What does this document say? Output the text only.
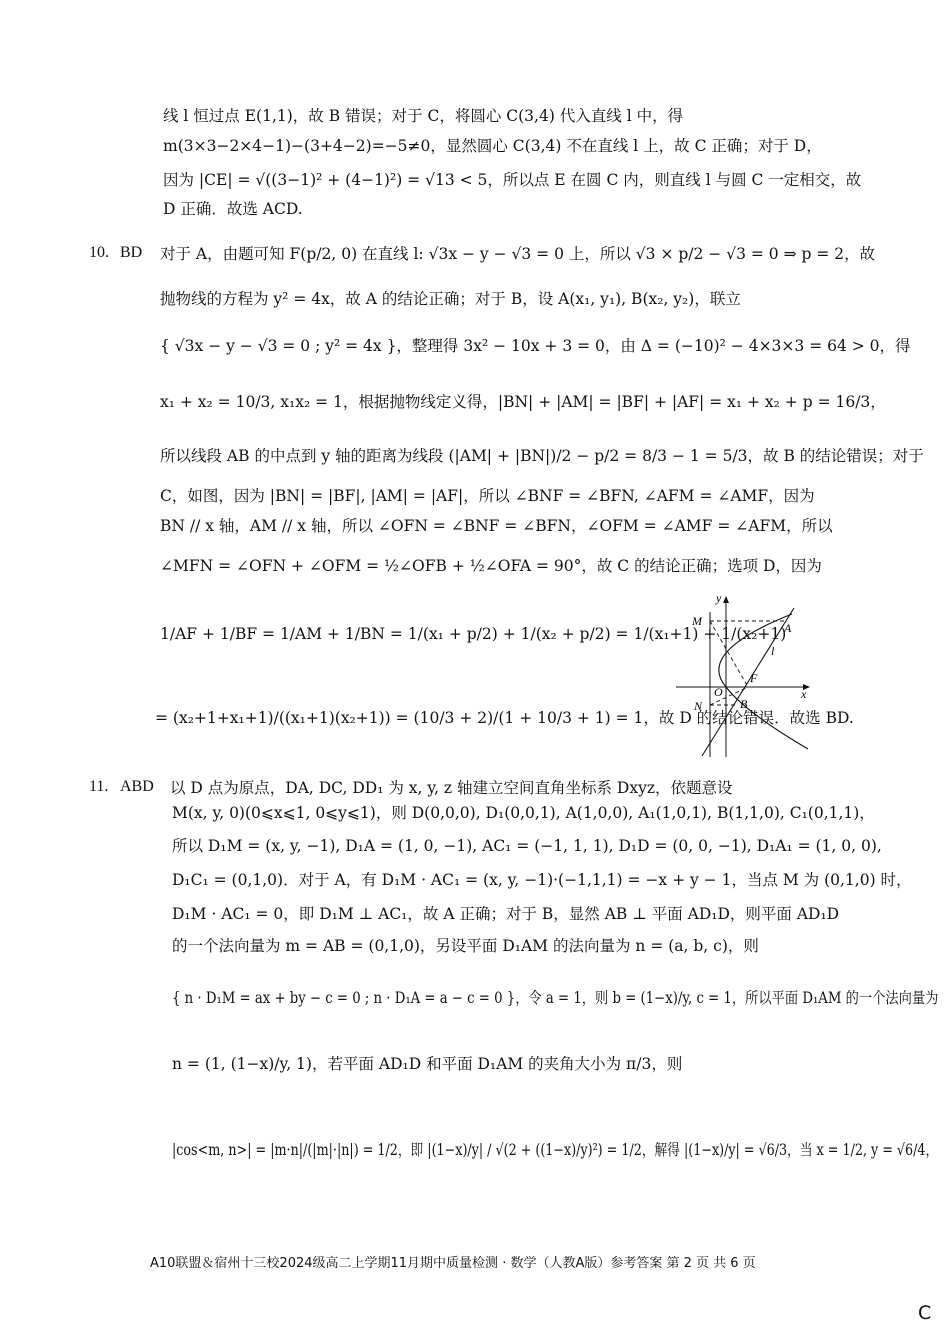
线 l 恒过点 E(1,1)，故 B 错误；对于 C，将圆心 C(3,4) 代入直线 l 中，得
m(3×3−2×4−1)−(3+4−2)=−5≠0，显然圆心 C(3,4) 不在直线 l 上，故 C 正确；对于 D，
因为 |CE| = √((3−1)² + (4−1)²) = √13 < 5，所以点 E 在圆 C 内，则直线 l 与圆 C 一定相交，故
D 正确．故选 ACD.
10. BD 对于 A，由题可知 F(p/2, 0) 在直线 l: √3x − y − √3 = 0 上，所以 √3 × p/2 − √3 = 0 ⇒ p = 2，故
抛物线的方程为 y² = 4x，故 A 的结论正确；对于 B，设 A(x₁, y₁), B(x₂, y₂)，联立
{ √3x − y − √3 = 0 ; y² = 4x }，整理得 3x² − 10x + 3 = 0，由 Δ = (−10)² − 4×3×3 = 64 > 0，得
x₁ + x₂ = 10/3, x₁x₂ = 1，根据抛物线定义得，|BN| + |AM| = |BF| + |AF| = x₁ + x₂ + p = 16/3，
所以线段 AB 的中点到 y 轴的距离为线段 (|AM| + |BN|)/2 − p/2 = 8/3 − 1 = 5/3，故 B 的结论错误；对于
C，如图，因为 |BN| = |BF|, |AM| = |AF|，所以 ∠BNF = ∠BFN, ∠AFM = ∠AMF，因为
BN // x 轴，AM // x 轴，所以 ∠OFN = ∠BNF = ∠BFN，∠OFM = ∠AMF = ∠AFM，所以
∠MFN = ∠OFN + ∠OFM = ½∠OFB + ½∠OFA = 90°，故 C 的结论正确；选项 D，因为
1/AF + 1/BF = 1/AM + 1/BN = 1/(x₁ + p/2) + 1/(x₂ + p/2) = 1/(x₁+1) + 1/(x₂+1)
= (x₂+1+x₁+1)/((x₁+1)(x₂+1)) = (10/3 + 2)/(1 + 10/3 + 1) = 1，故 D 的结论错误．故选 BD.
y
x
M	A
l
F
O
N	B
11. ABD 以 D 点为原点，DA, DC, DD₁ 为 x, y, z 轴建立空间直角坐标系 Dxyz，依题意设
M(x, y, 0)(0⩽x⩽1, 0⩽y⩽1)，则 D(0,0,0), D₁(0,0,1), A(1,0,0), A₁(1,0,1), B(1,1,0), C₁(0,1,1)，
所以 D₁M = (x, y, −1), D₁A = (1, 0, −1), AC₁ = (−1, 1, 1), D₁D = (0, 0, −1), D₁A₁ = (1, 0, 0),
D₁C₁ = (0,1,0)．对于 A，有 D₁M · AC₁ = (x, y, −1)·(−1,1,1) = −x + y − 1，当点 M 为 (0,1,0) 时，
D₁M · AC₁ = 0，即 D₁M ⊥ AC₁，故 A 正确；对于 B，显然 AB ⊥ 平面 AD₁D，则平面 AD₁D
的一个法向量为 m = AB = (0,1,0)，另设平面 D₁AM 的法向量为 n = (a, b, c)，则
{ n · D₁M = ax + by − c = 0 ; n · D₁A = a − c = 0 }，令 a = 1，则 b = (1−x)/y, c = 1，所以平面 D₁AM 的一个法向量为
n = (1, (1−x)/y, 1)，若平面 AD₁D 和平面 D₁AM 的夹角大小为 π/3，则
|cos<m, n>| = |m·n|/(|m|·|n|) = 1/2，即 |(1−x)/y| / √(2 + ((1−x)/y)²) = 1/2，解得 |(1−x)/y| = √6/3，当 x = 1/2, y = √6/4，
A10联盟＆宿州十三校2024级高二上学期11月期中质量检测 · 数学（人教A版）参考答案 第 2 页 共 6 页
C
